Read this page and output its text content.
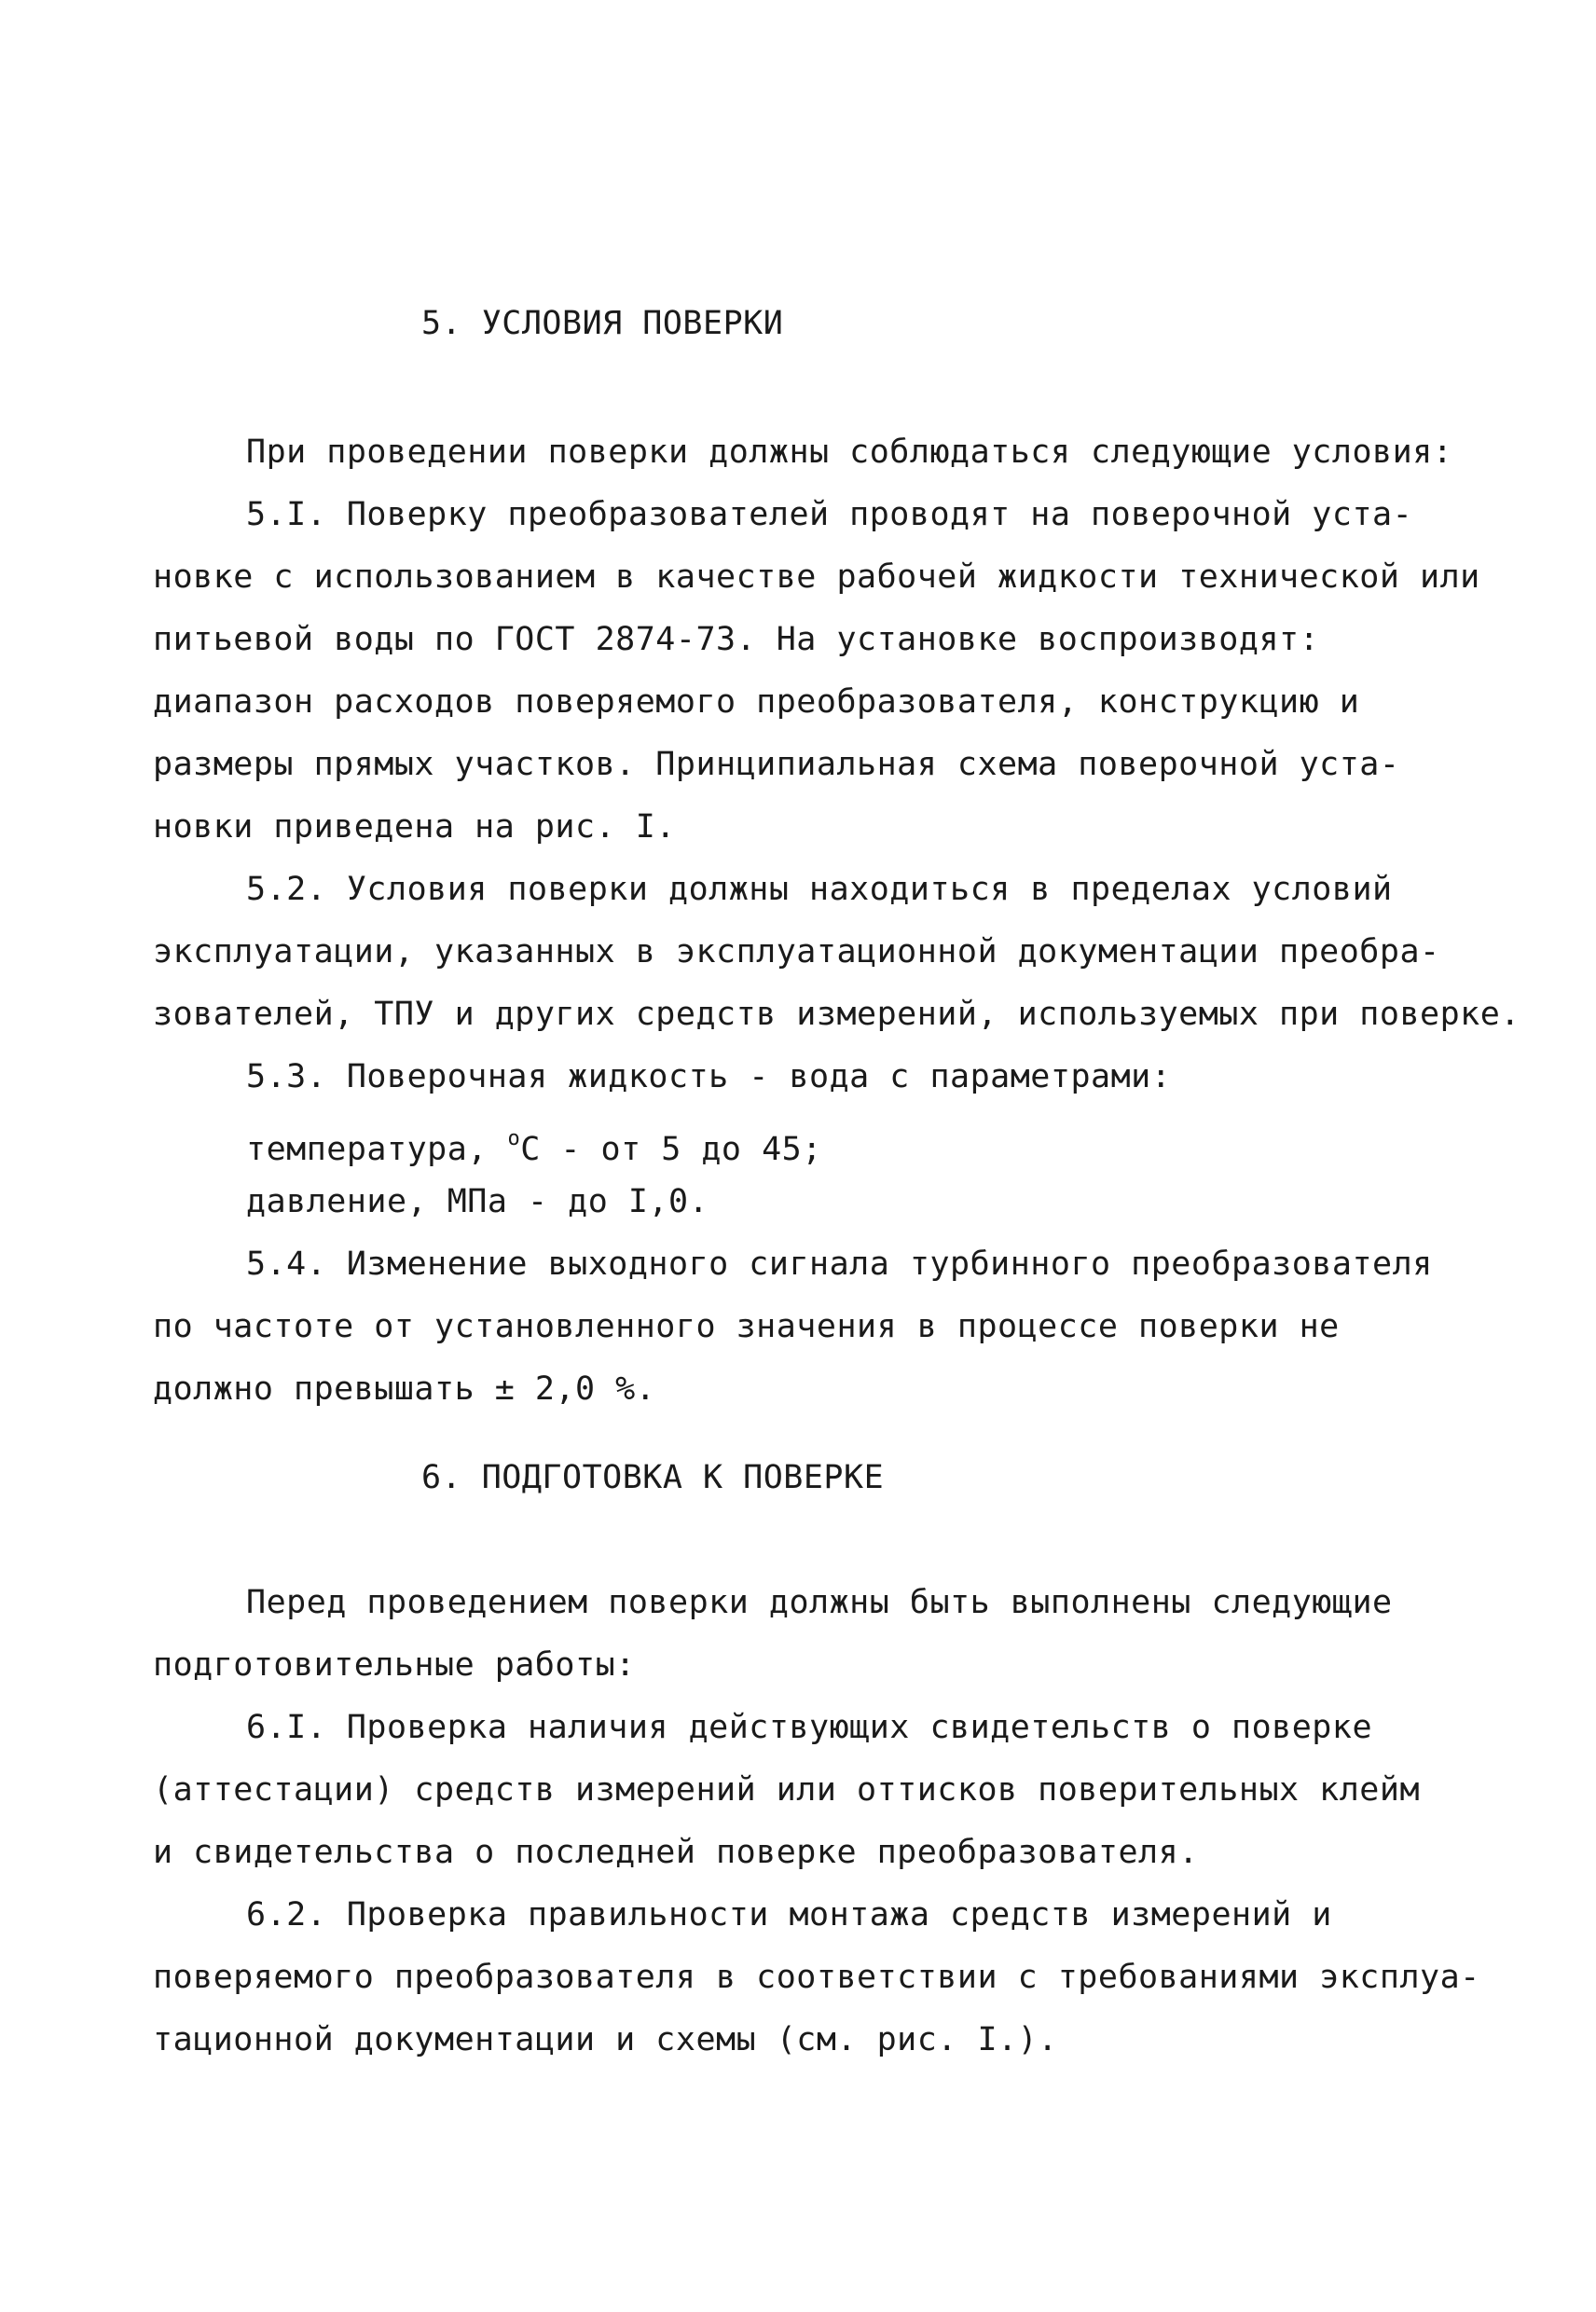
5. УСЛОВИЯ ПОВЕРКИ
При проведении поверки должны соблюдаться следующие условия:
5.I. Поверку преобразователей проводят на поверочной уста-
новке с использованием в качестве рабочей жидкости технической или
питьевой воды по ГОСТ 2874-73. На установке воспроизводят:
диапазон расходов поверяемого преобразователя, конструкцию и
размеры прямых участков. Принципиальная схема поверочной уста-
новки приведена на рис. I.
5.2. Условия поверки должны находиться в пределах условий
эксплуатации, указанных в эксплуатационной документации преобра-
зователей, ТПУ и других средств измерений, используемых при поверке.
5.3. Поверочная жидкость - вода с параметрами:
температура, $^o$С - от 5 до 45;
давление, МПа - до I,0.
5.4. Изменение выходного сигнала турбинного преобразователя
по частоте от установленного значения в процессе поверки не
должно превышать ± 2,0 %.
6. ПОДГОТОВКА К ПОВЕРКЕ
Перед проведением поверки должны быть выполнены следующие
подготовительные работы:
6.I. Проверка наличия действующих свидетельств о поверке
(аттестации) средств измерений или оттисков поверительных клейм
и свидетельства о последней поверке преобразователя.
6.2. Проверка правильности монтажа средств измерений и
поверяемого преобразователя в соответствии с требованиями эксплуа-
тационной документации и схемы (см. рис. I.).
